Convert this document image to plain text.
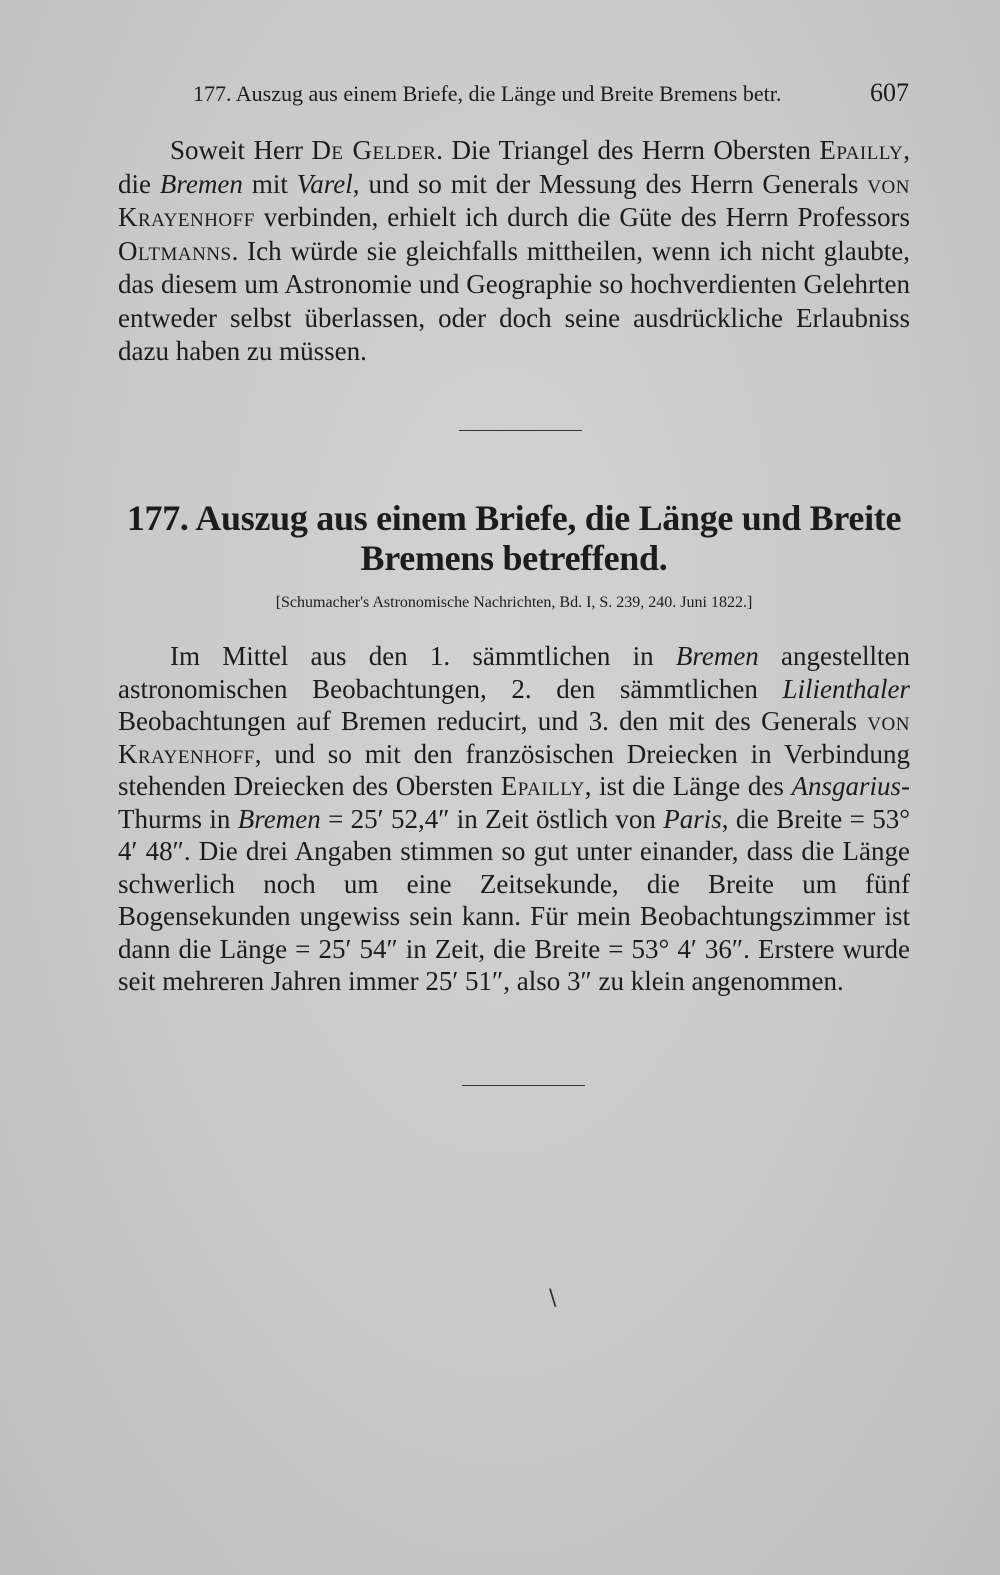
177. Auszug aus einem Briefe, die Länge und Breite Bremens betr.	607

Soweit Herr De Gelder. Die Triangel des Herrn Obersten Epailly, die Bremen mit Varel, und so mit der Messung des Herrn Generals von Krayenhoff verbinden, erhielt ich durch die Güte des Herrn Professors Oltmanns. Ich würde sie gleichfalls mittheilen, wenn ich nicht glaubte, das diesem um Astronomie und Geographie so hochverdienten Gelehrten entweder selbst überlassen, oder doch seine ausdrückliche Erlaubniss dazu haben zu müssen.

177. Auszug aus einem Briefe, die Länge und Breite Bremens betreffend.

[Schumacher's Astronomische Nachrichten, Bd. I, S. 239, 240. Juni 1822.]

Im Mittel aus den 1. sämmtlichen in Bremen angestellten astronomischen Beobachtungen, 2. den sämmtlichen Lilienthaler Beobachtungen auf Bremen reducirt, und 3. den mit des Generals von Krayenhoff, und so mit den französischen Dreiecken in Verbindung stehenden Dreiecken des Obersten Epailly, ist die Länge des Ansgarius-Thurms in Bremen = 25′ 52,4″ in Zeit östlich von Paris, die Breite = 53° 4′ 48″. Die drei Angaben stimmen so gut unter einander, dass die Länge schwerlich noch um eine Zeitsekunde, die Breite um fünf Bogensekunden ungewiss sein kann. Für mein Beobachtungszimmer ist dann die Länge = 25′ 54″ in Zeit, die Breite = 53° 4′ 36″. Erstere wurde seit mehreren Jahren immer 25′ 51″, also 3″ zu klein angenommen.

\
